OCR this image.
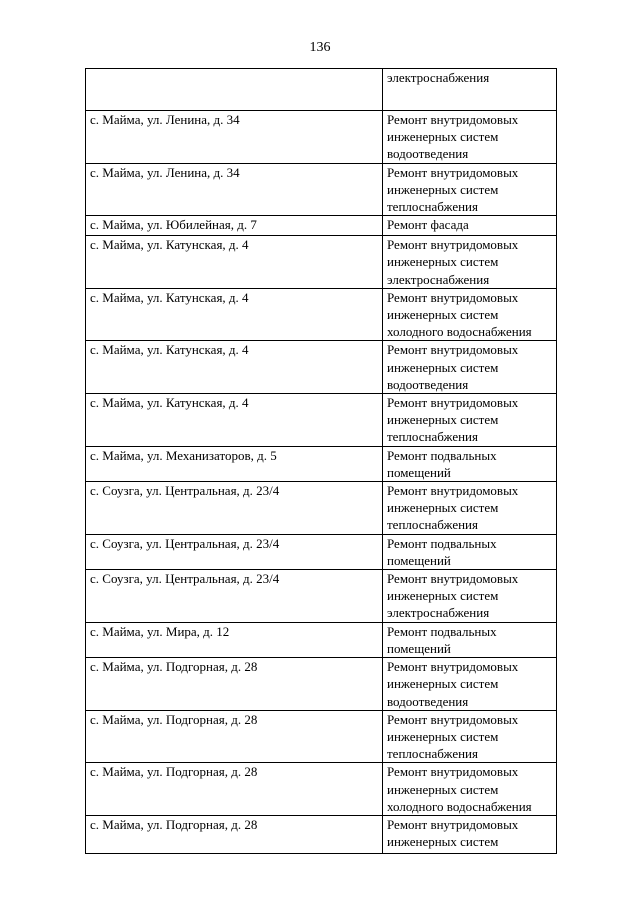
136
	электроснабжения
с. Майма, ул. Ленина, д. 34	Ремонт внутридомовых
инженерных систем
водоотведения
с. Майма, ул. Ленина, д. 34	Ремонт внутридомовых
инженерных систем
теплоснабжения
с. Майма, ул. Юбилейная, д. 7	Ремонт фасада
с. Майма, ул. Катунская, д. 4	Ремонт внутридомовых
инженерных систем
электроснабжения
с. Майма, ул. Катунская, д. 4	Ремонт внутридомовых
инженерных систем
холодного водоснабжения
с. Майма, ул. Катунская, д. 4	Ремонт внутридомовых
инженерных систем
водоотведения
с. Майма, ул. Катунская, д. 4	Ремонт внутридомовых
инженерных систем
теплоснабжения
с. Майма, ул. Механизаторов, д. 5	Ремонт подвальных
помещений
с. Соузга, ул. Центральная, д. 23/4	Ремонт внутридомовых
инженерных систем
теплоснабжения
с. Соузга, ул. Центральная, д. 23/4	Ремонт подвальных
помещений
с. Соузга, ул. Центральная, д. 23/4	Ремонт внутридомовых
инженерных систем
электроснабжения
с. Майма, ул. Мира, д. 12	Ремонт подвальных
помещений
с. Майма, ул. Подгорная, д. 28	Ремонт внутридомовых
инженерных систем
водоотведения
с. Майма, ул. Подгорная, д. 28	Ремонт внутридомовых
инженерных систем
теплоснабжения
с. Майма, ул. Подгорная, д. 28	Ремонт внутридомовых
инженерных систем
холодного водоснабжения
с. Майма, ул. Подгорная, д. 28	Ремонт внутридомовых
инженерных систем
